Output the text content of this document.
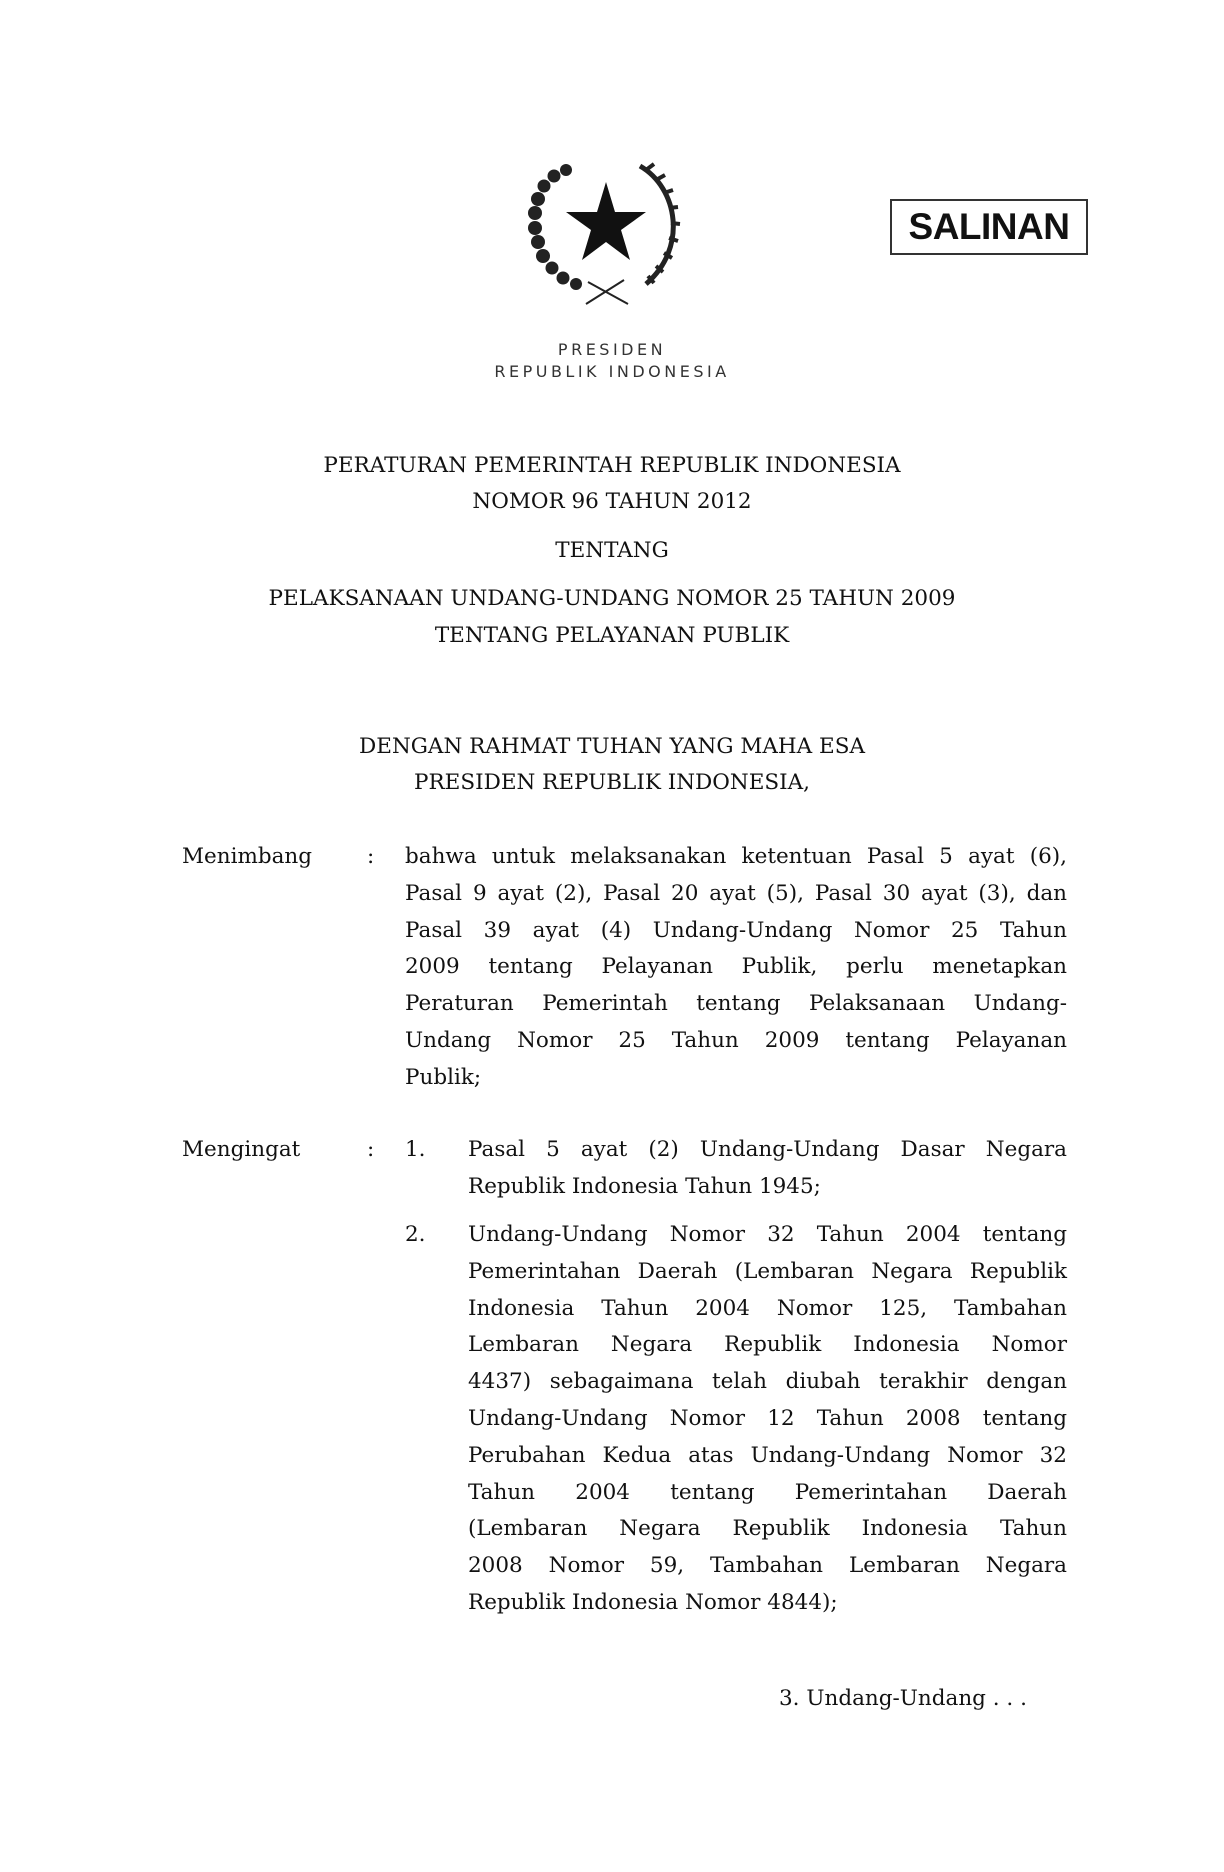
PRESIDEN
REPUBLIK INDONESIA
SALINAN
PERATURAN PEMERINTAH REPUBLIK INDONESIA
NOMOR 96 TAHUN 2012
TENTANG
PELAKSANAAN UNDANG-UNDANG NOMOR 25 TAHUN 2009
TENTANG PELAYANAN PUBLIK
DENGAN RAHMAT TUHAN YANG MAHA ESA
PRESIDEN REPUBLIK INDONESIA,
Menimbang	: bahwa untuk melaksanakan ketentuan Pasal 5 ayat (6),
Pasal 9 ayat (2), Pasal 20 ayat (5), Pasal 30 ayat (3), dan
Pasal 39 ayat (4) Undang-Undang Nomor 25 Tahun
2009 tentang Pelayanan Publik, perlu menetapkan
Peraturan Pemerintah tentang Pelaksanaan Undang-
Undang Nomor 25 Tahun 2009 tentang Pelayanan
Publik;
Mengingat	: 1. Pasal 5 ayat (2) Undang-Undang Dasar Negara
Republik Indonesia Tahun 1945;
2. Undang-Undang Nomor 32 Tahun 2004 tentang
Pemerintahan Daerah (Lembaran Negara Republik
Indonesia Tahun 2004 Nomor 125, Tambahan
Lembaran Negara Republik Indonesia Nomor
4437) sebagaimana telah diubah terakhir dengan
Undang-Undang Nomor 12 Tahun 2008 tentang
Perubahan Kedua atas Undang-Undang Nomor 32
Tahun 2004 tentang Pemerintahan Daerah
(Lembaran Negara Republik Indonesia Tahun
2008 Nomor 59, Tambahan Lembaran Negara
Republik Indonesia Nomor 4844);
3. Undang-Undang . . .
